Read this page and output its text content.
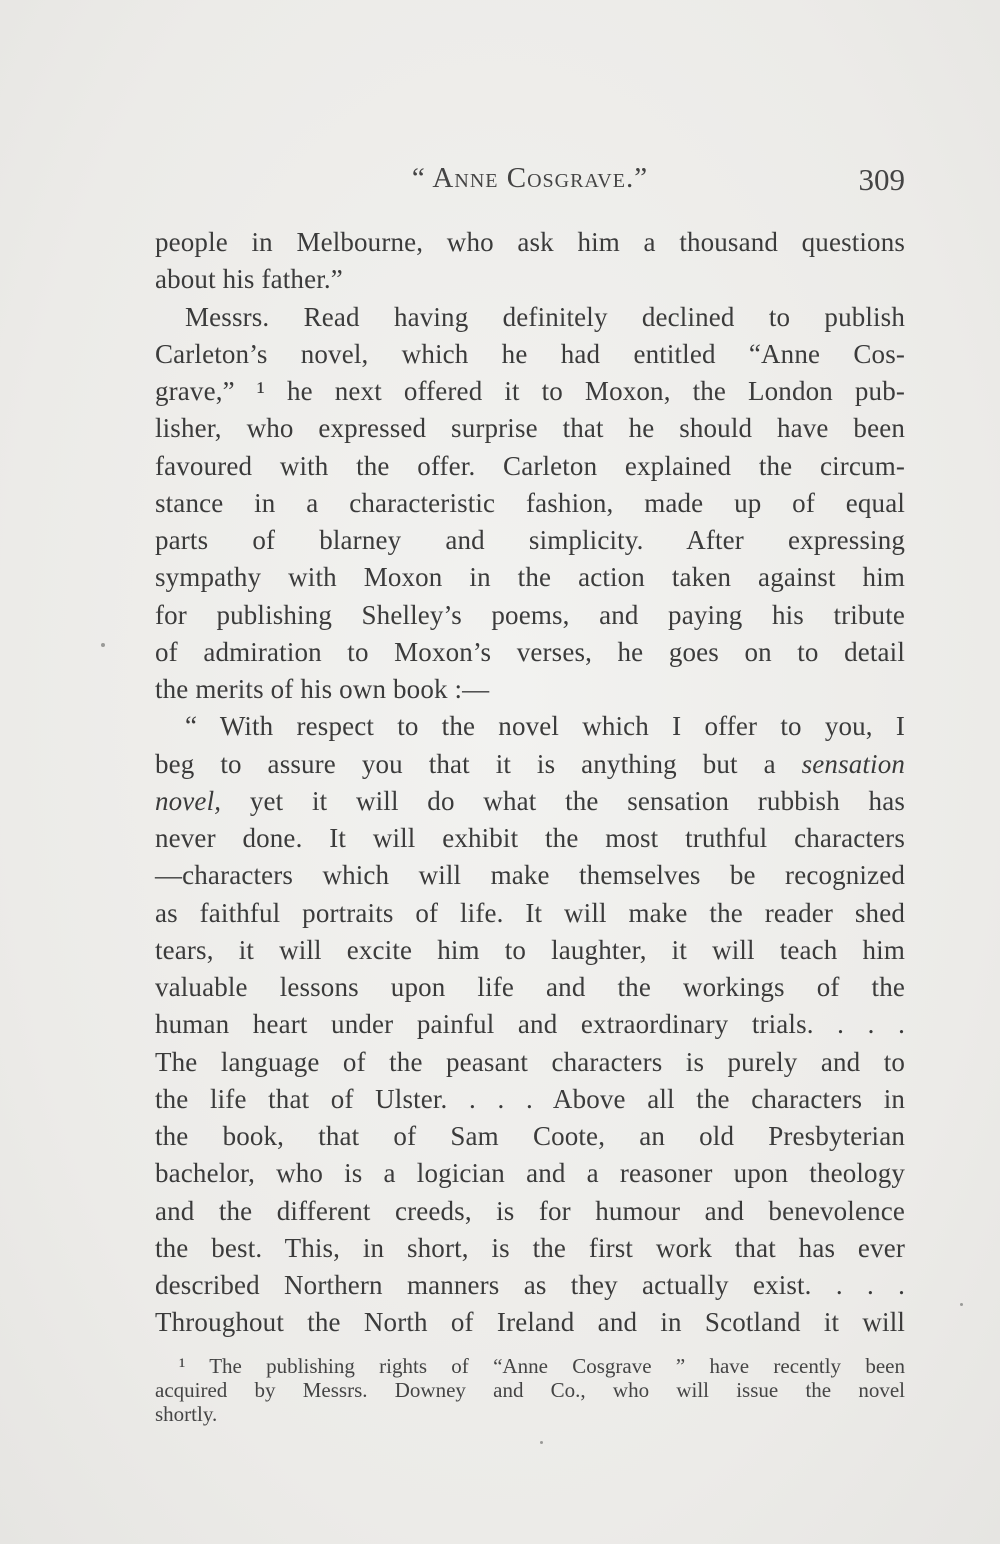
“ Anne Cosgrave.”	309
people in Melbourne, who ask him a thousand questions
about his father.”
Messrs. Read having definitely declined to publish
Carleton’s novel, which he had entitled “Anne Cos-
grave,” ¹ he next offered it to Moxon, the London pub-
lisher, who expressed surprise that he should have been
favoured with the offer. Carleton explained the circum-
stance in a characteristic fashion, made up of equal
parts of blarney and simplicity. After expressing
sympathy with Moxon in the action taken against him
for publishing Shelley’s poems, and paying his tribute
of admiration to Moxon’s verses, he goes on to detail
the merits of his own book :—
“ With respect to the novel which I offer to you, I
beg to assure you that it is anything but a sensation
novel, yet it will do what the sensation rubbish has
never done. It will exhibit the most truthful characters
—characters which will make themselves be recognized
as faithful portraits of life. It will make the reader shed
tears, it will excite him to laughter, it will teach him
valuable lessons upon life and the workings of the
human heart under painful and extraordinary trials. . . .
The language of the peasant characters is purely and to
the life that of Ulster. . . . Above all the characters in
the book, that of Sam Coote, an old Presbyterian
bachelor, who is a logician and a reasoner upon theology
and the different creeds, is for humour and benevolence
the best. This, in short, is the first work that has ever
described Northern manners as they actually exist. . . .
Throughout the North of Ireland and in Scotland it will
¹ The publishing rights of “Anne Cosgrave ” have recently been
acquired by Messrs. Downey and Co., who will issue the novel
shortly.
